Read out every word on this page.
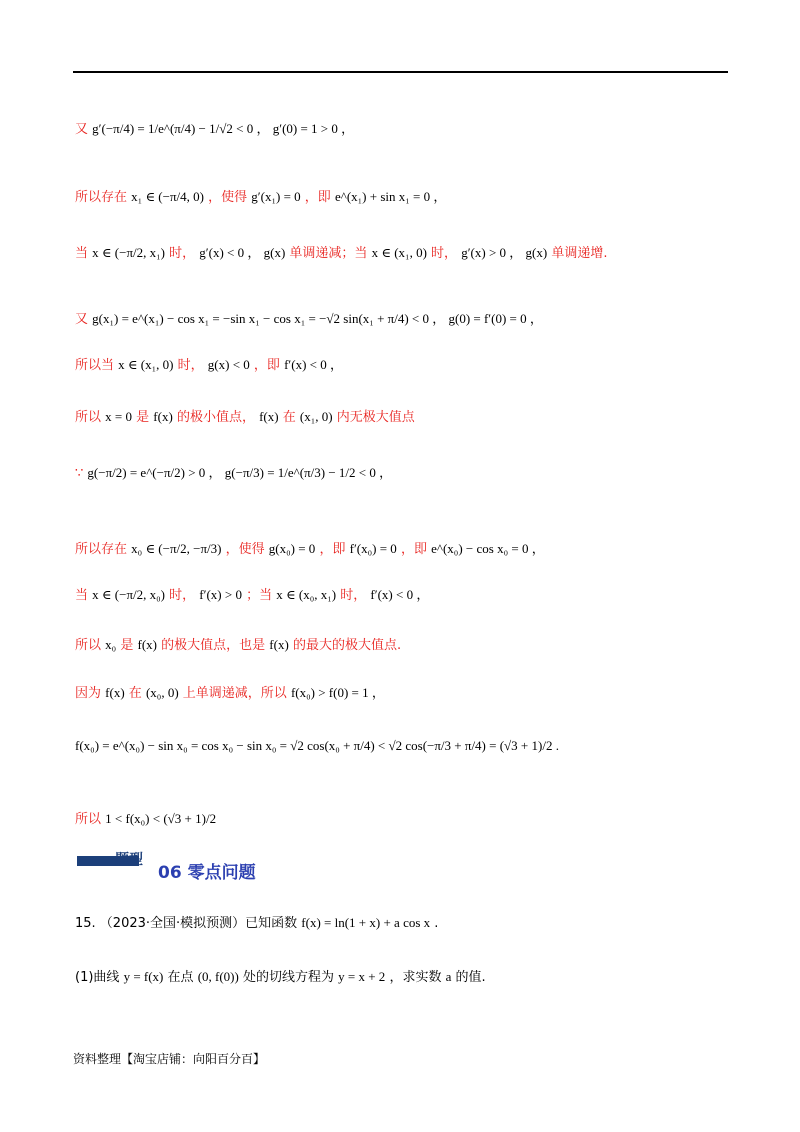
又 g′(−π/4) = 1/e^(π/4) − 1/√2 < 0 ， g′(0) = 1 > 0 ，
所以存在 x₁ ∈ (−π/4, 0) ，使得 g′(x₁) = 0 ，即 e^(x₁) + sin x₁ = 0 ，
当 x ∈ (−π/2, x₁) 时， g′(x) < 0 ， g(x) 单调递减；当 x ∈ (x₁, 0) 时， g′(x) > 0 ， g(x) 单调递增.
又 g(x₁) = e^(x₁) − cos x₁ = −sin x₁ − cos x₁ = −√2 sin(x₁ + π/4) < 0 ， g(0) = f′(0) = 0 ，
所以当 x ∈ (x₁, 0) 时， g(x) < 0 ，即 f′(x) < 0 ，
所以 x = 0 是 f(x) 的极小值点， f(x) 在 (x₁, 0) 内无极大值点
∵ g(−π/2) = e^(−π/2) > 0 ， g(−π/3) = 1/e^(π/3) − 1/2 < 0 ，
所以存在 x₀ ∈ (−π/2, −π/3) ，使得 g(x₀) = 0 ，即 f′(x₀) = 0 ，即 e^(x₀) − cos x₀ = 0 ，
当 x ∈ (−π/2, x₀) 时， f′(x) > 0 ；当 x ∈ (x₀, x₁) 时， f′(x) < 0 ，
所以 x₀ 是 f(x) 的极大值点，也是 f(x) 的最大的极大值点.
因为 f(x) 在 (x₀, 0) 上单调递减，所以 f(x₀) > f(0) = 1 ，
f(x₀) = e^(x₀) − sin x₀ = cos x₀ − sin x₀ = √2 cos(x₀ + π/4) < √2 cos(−π/3 + π/4) = (√3 + 1)/2 .
所以 1 < f(x₀) < (√3 + 1)/2
题型
06 零点问题
15. （2023·全国·模拟预测）已知函数 f(x) = ln(1 + x) + a cos x .
(1)曲线 y = f(x) 在点 (0, f(0)) 处的切线方程为 y = x + 2 ，求实数 a 的值.
资料整理【淘宝店铺：向阳百分百】
